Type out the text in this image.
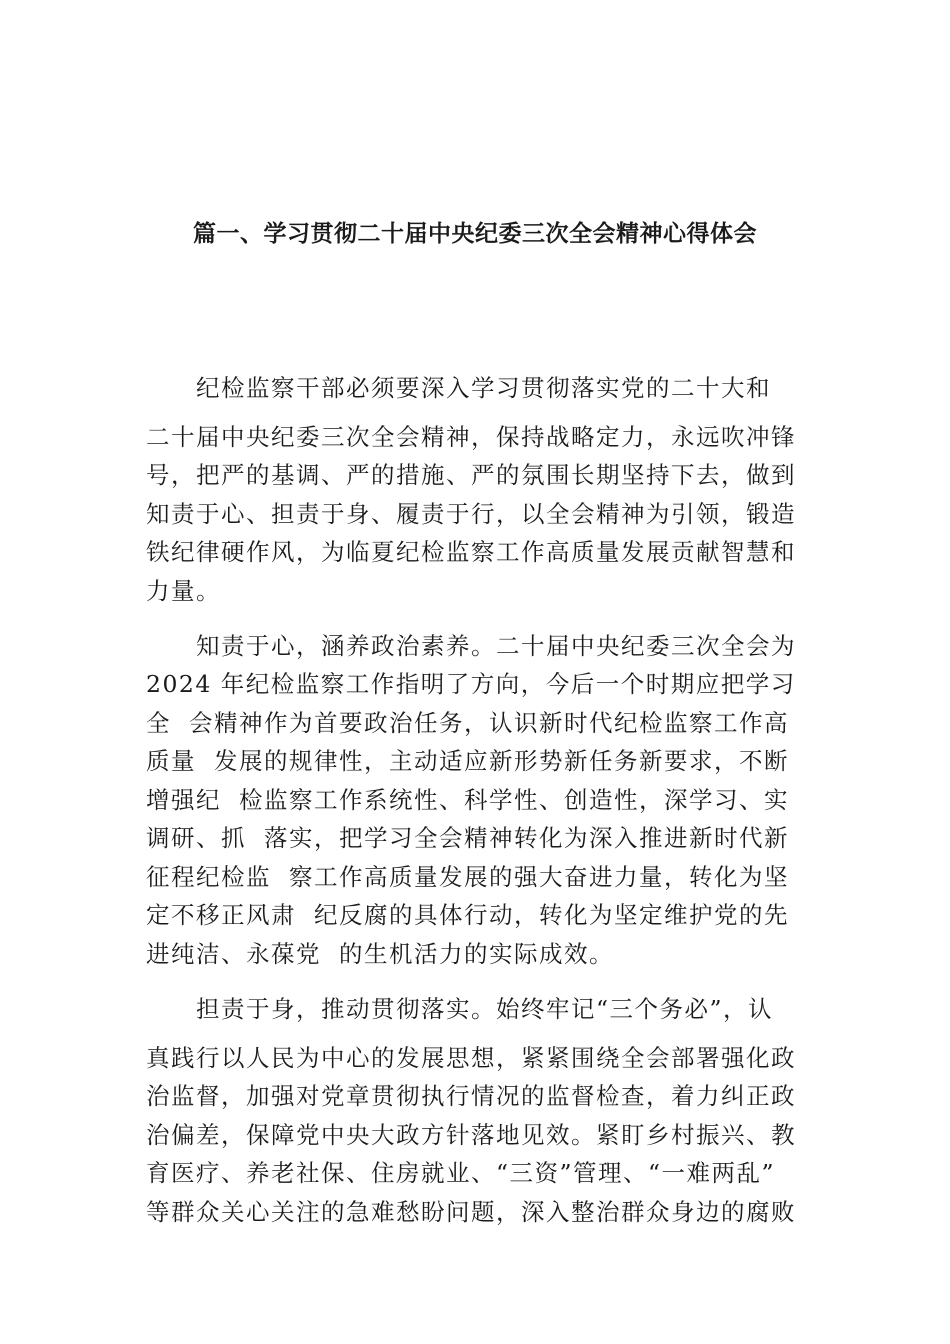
篇一、学习贯彻二十届中央纪委三次全会精神心得体会
纪检监察干部必须要深入学习贯彻落实党的二十大和
二十届中央纪委三次全会精神，保持战略定力，永远吹冲锋
号，把严的基调、严的措施、严的氛围长期坚持下去，做到
知责于心、担责于身、履责于行，以全会精神为引领，锻造
铁纪律硬作风，为临夏纪检监察工作高质量发展贡献智慧和
力量。
知责于心，涵养政治素养。二十届中央纪委三次全会为
2024 年纪检监察工作指明了方向，今后一个时期应把学习
全  会精神作为首要政治任务，认识新时代纪检监察工作高
质量  发展的规律性，主动适应新形势新任务新要求，不断
增强纪  检监察工作系统性、科学性、创造性，深学习、实
调研、抓  落实，把学习全会精神转化为深入推进新时代新
征程纪检监  察工作高质量发展的强大奋进力量，转化为坚
定不移正风肃  纪反腐的具体行动，转化为坚定维护党的先
进纯洁、永葆党  的生机活力的实际成效。
担责于身，推动贯彻落实。始终牢记“三个务必”，认
真践行以人民为中心的发展思想，紧紧围绕全会部署强化政
治监督，加强对党章贯彻执行情况的监督检查，着力纠正政
治偏差，保障党中央大政方针落地见效。紧盯乡村振兴、教
育医疗、养老社保、住房就业、“三资”管理、“一难两乱”
等群众关心关注的急难愁盼问题，深入整治群众身边的腐败
